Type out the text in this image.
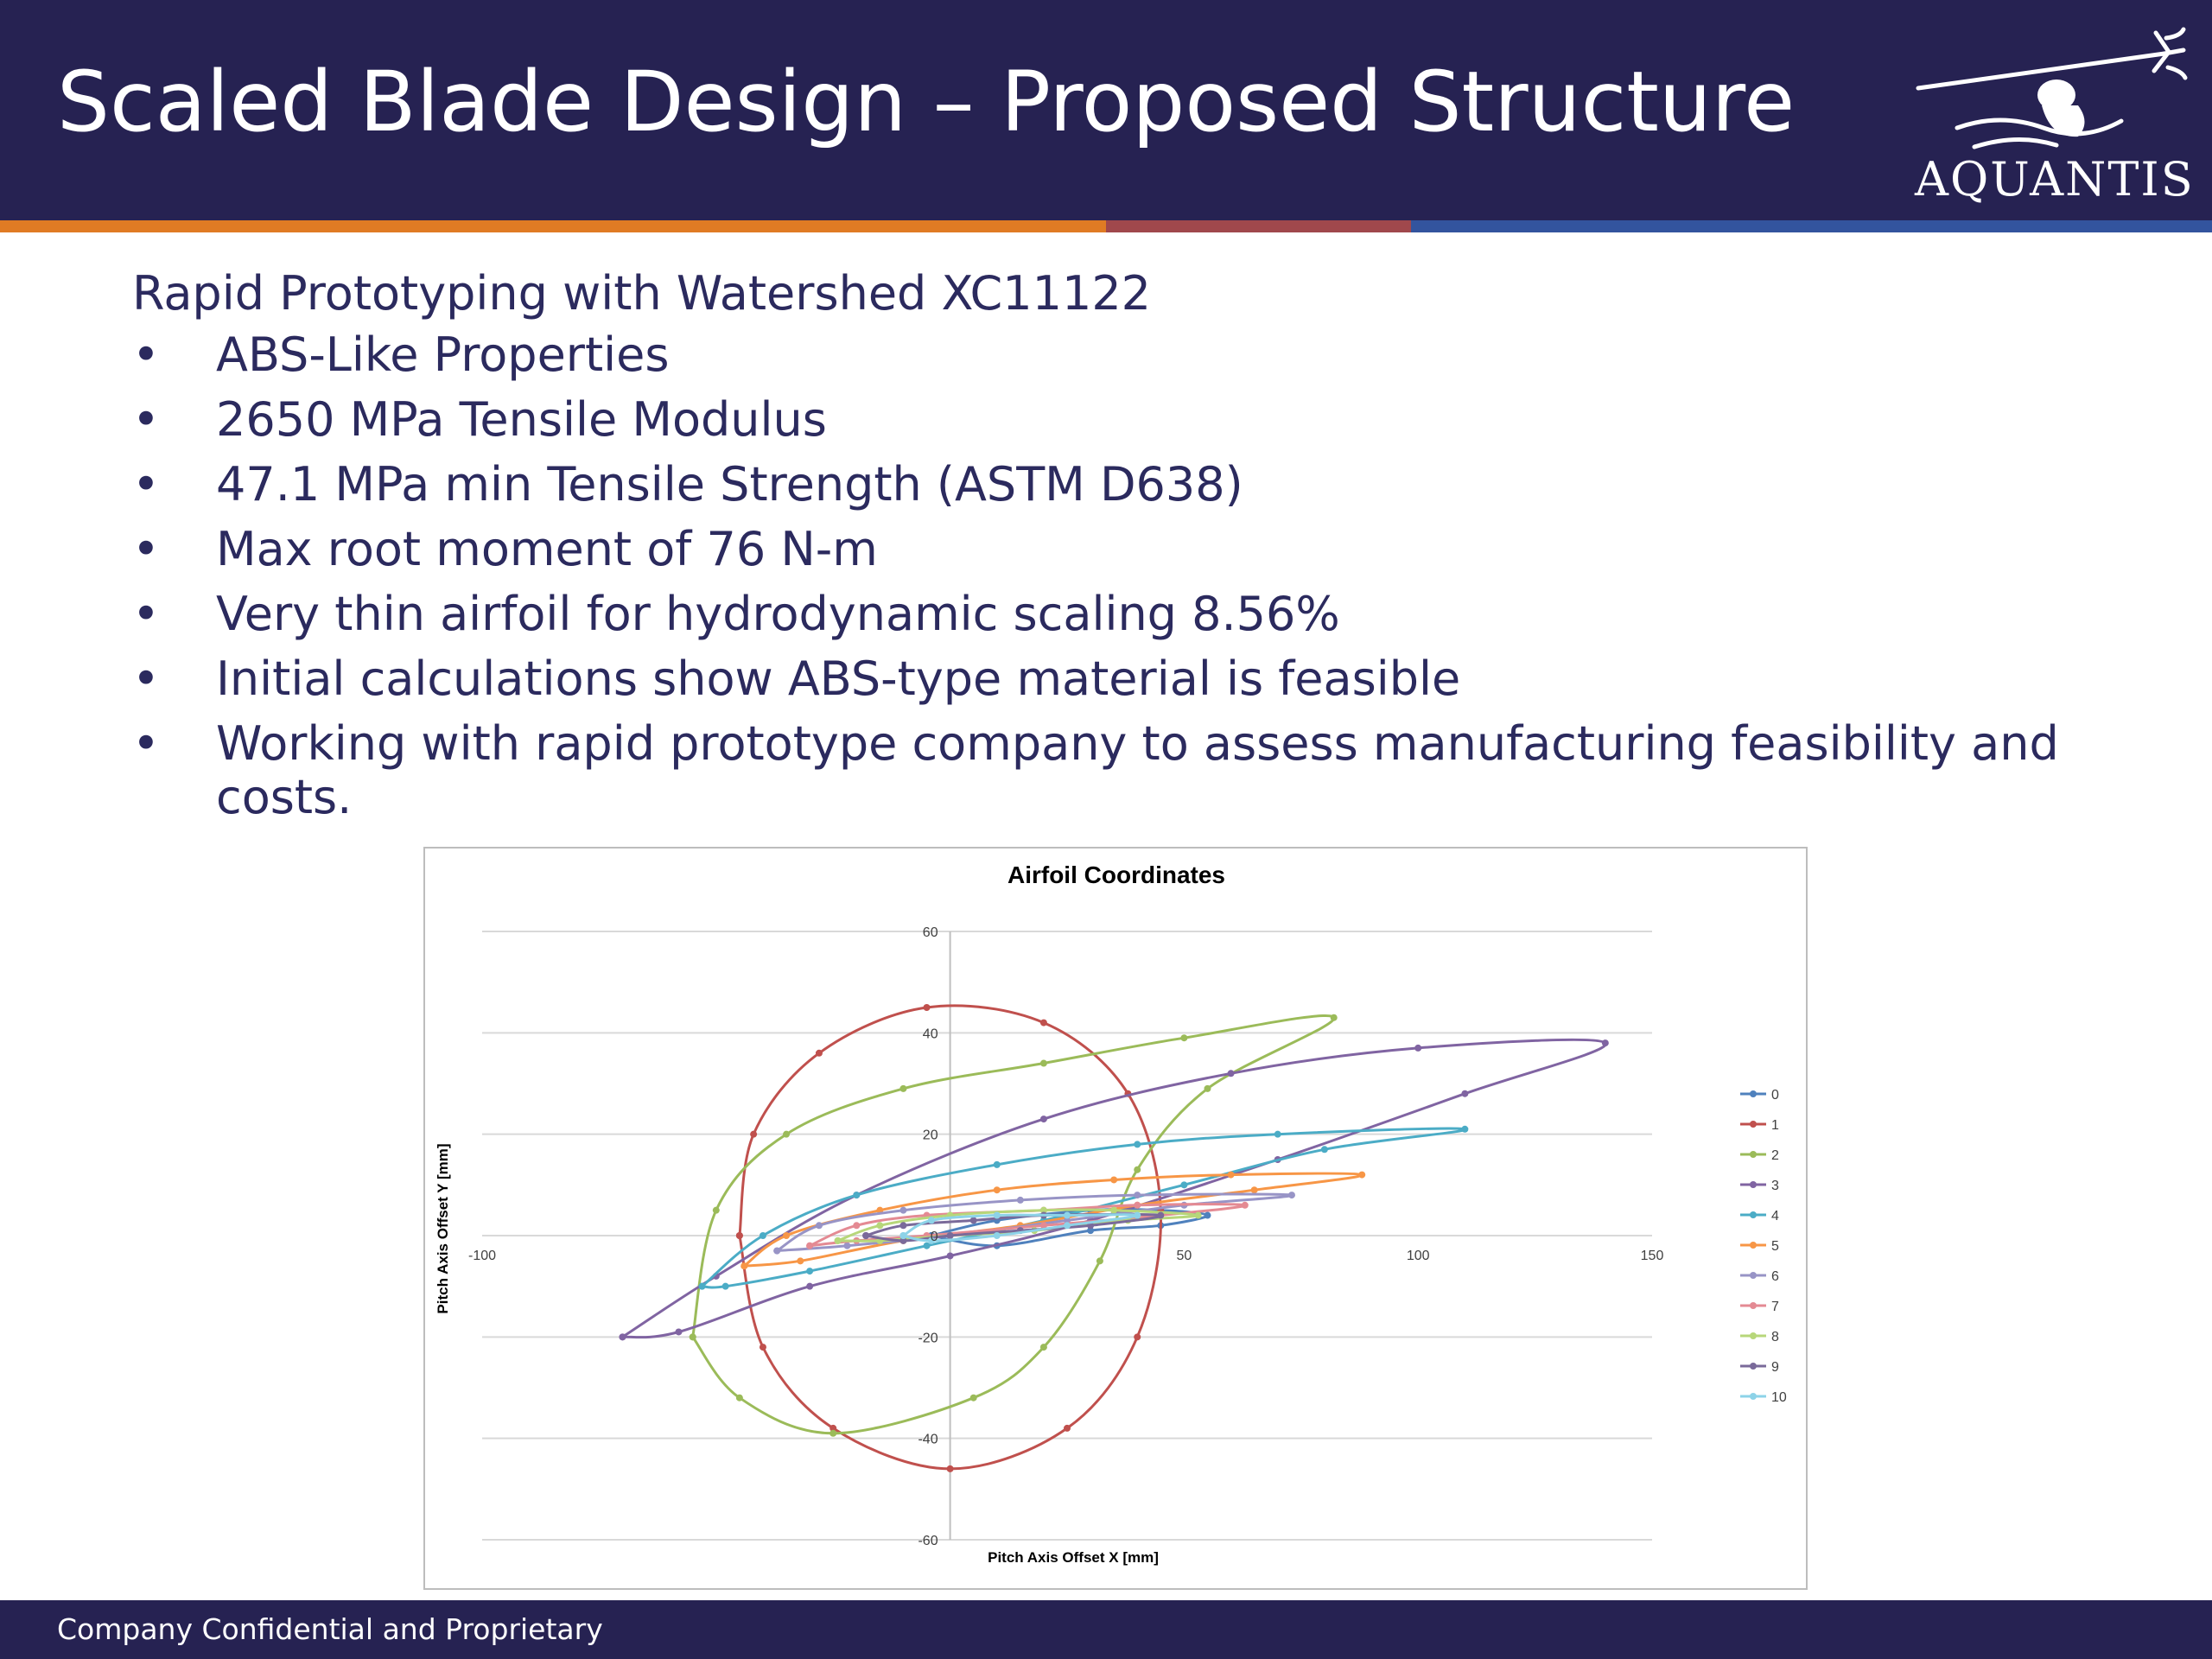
Scaled Blade Design – Proposed Structure
AQUANTIS

Rapid Prototyping with Watershed XC11122

• ABS-Like Properties
• 2650 MPa Tensile Modulus
• 47.1 MPa min Tensile Strength (ASTM D638)
• Max root moment of 76 N-m
• Very thin airfoil for hydrodynamic scaling 8.56%
• Initial calculations show ABS-type material is feasible
• Working with rapid prototype company to assess manufacturing feasibility and costs.
Airfoil Coordinates
Pitch Axis Offset X [mm]
Pitch Axis Offset Y [mm]
-60
-40
-20
0
20
40
60
-100	50	100	150
0
1
2
3
4
5
6
7
8
9
10

Company Confidential and Proprietary
